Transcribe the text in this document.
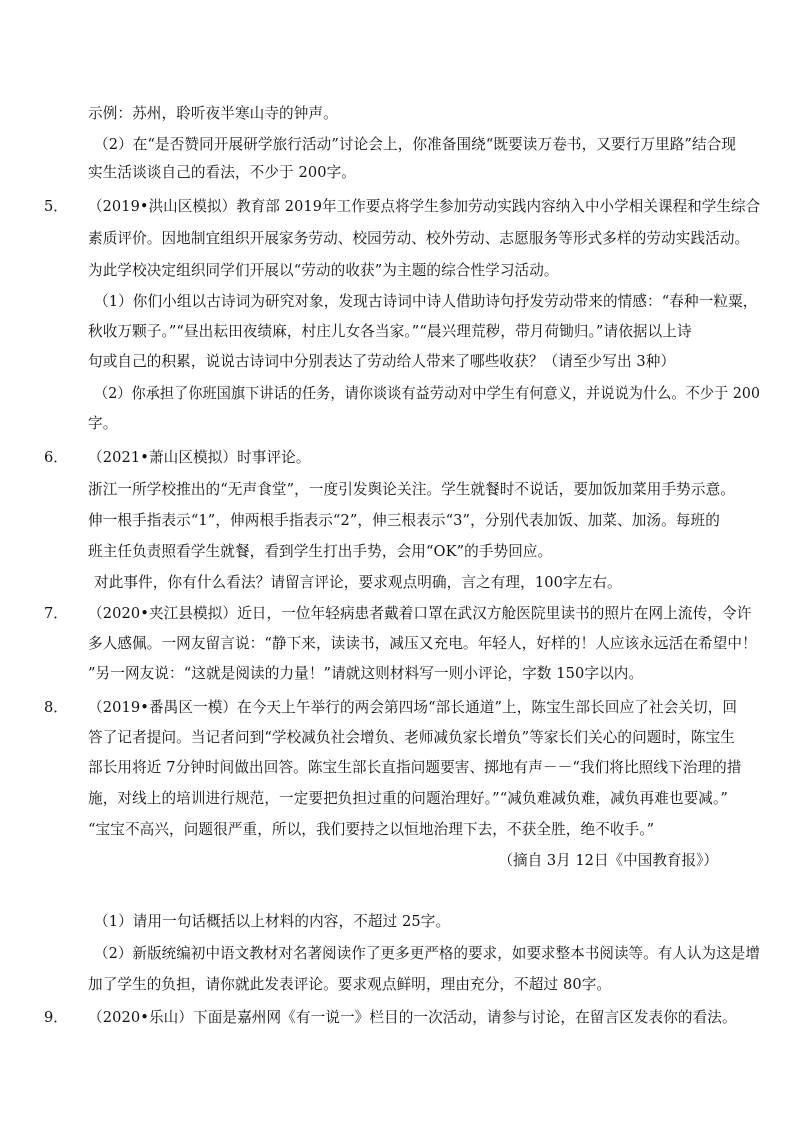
示例：苏州，聆听夜半寒山寺的钟声。
（2）在“是否赞同开展研学旅行活动”讨论会上，你准备围绕“既要读万卷书，又要行万里路”结合现
实生活谈谈自己的看法，不少于 200字。
5． （2019•洪山区模拟）教育部 2019年工作要点将学生参加劳动实践内容纳入中小学相关课程和学生综合
素质评价。因地制宜组织开展家务劳动、校园劳动、校外劳动、志愿服务等形式多样的劳动实践活动。
为此学校决定组织同学们开展以“劳动的收获”为主题的综合性学习活动。
（1）你们小组以古诗词为研究对象，发现古诗词中诗人借助诗句抒发劳动带来的情感：“春种一粒粟，
秋收万颗子。”“昼出耘田夜绩麻，村庄儿女各当家。”“晨兴理荒秽，带月荷锄归。”请依据以上诗
句或自己的积累，说说古诗词中分别表达了劳动给人带来了哪些收获？（请至少写出 3种）
（2）你承担了你班国旗下讲话的任务，请你谈谈有益劳动对中学生有何意义，并说说为什么。不少于 200
字。
6． （2021•萧山区模拟）时事评论。
浙江一所学校推出的“无声食堂”，一度引发舆论关注。学生就餐时不说话，要加饭加菜用手势示意。
伸一根手指表示“1”，伸两根手指表示“2”，伸三根表示“3”，分别代表加饭、加菜、加汤。每班的
班主任负责照看学生就餐，看到学生打出手势，会用“OK”的手势回应。
对此事件，你有什么看法？请留言评论，要求观点明确，言之有理，100字左右。
7． （2020•夹江县模拟）近日，一位年轻病患者戴着口罩在武汉方舱医院里读书的照片在网上流传，令许
多人感佩。一网友留言说：“静下来，读读书，减压又充电。年轻人，好样的！人应该永远活在希望中！
”另一网友说：“这就是阅读的力量！”请就这则材料写一则小评论，字数 150字以内。
8． （2019•番禺区一模）在今天上午举行的两会第四场“部长通道”上，陈宝生部长回应了社会关切，回
答了记者提问。当记者问到“学校减负社会增负、老师减负家长增负”等家长们关心的问题时，陈宝生
部长用将近 7分钟时间做出回答。陈宝生部长直指问题要害、掷地有声－－“我们将比照线下治理的措
施，对线上的培训进行规范，一定要把负担过重的问题治理好。”“减负难减负难，减负再难也要减。”
“宝宝不高兴，问题很严重，所以，我们要持之以恒地治理下去，不获全胜，绝不收手。”
（摘自 3月 12日《中国教育报》）
（1）请用一句话概括以上材料的内容，不超过 25字。
（2）新版统编初中语文教材对名著阅读作了更多更严格的要求，如要求整本书阅读等。有人认为这是增
加了学生的负担，请你就此发表评论。要求观点鲜明，理由充分，不超过 80字。
9． （2020•乐山）下面是嘉州网《有一说一》栏目的一次活动，请参与讨论，在留言区发表你的看法。
